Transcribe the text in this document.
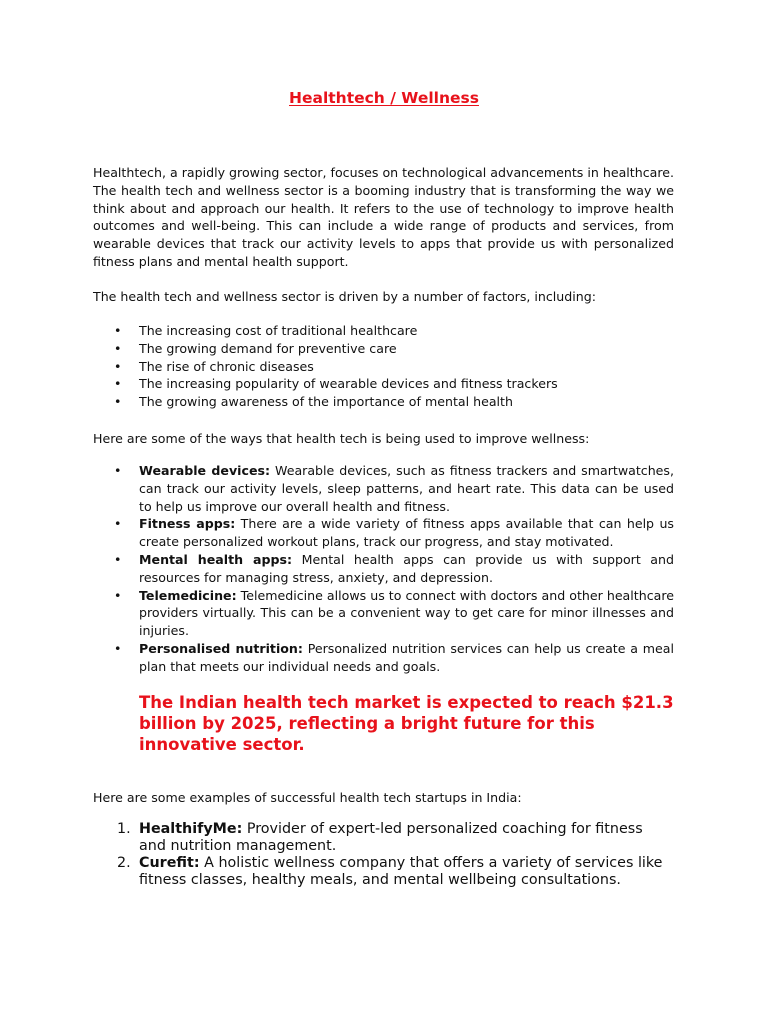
Healthtech / Wellness

Healthtech, a rapidly growing sector, focuses on technological advancements in healthcare. The health tech and wellness sector is a booming industry that is transforming the way we think about and approach our health. It refers to the use of technology to improve health outcomes and well-being. This can include a wide range of products and services, from wearable devices that track our activity levels to apps that provide us with personalized fitness plans and mental health support.

The health tech and wellness sector is driven by a number of factors, including:

• The increasing cost of traditional healthcare
• The growing demand for preventive care
• The rise of chronic diseases
• The increasing popularity of wearable devices and fitness trackers
• The growing awareness of the importance of mental health

Here are some of the ways that health tech is being used to improve wellness:

• Wearable devices: Wearable devices, such as fitness trackers and smartwatches, can track our activity levels, sleep patterns, and heart rate. This data can be used to help us improve our overall health and fitness.
• Fitness apps: There are a wide variety of fitness apps available that can help us create personalized workout plans, track our progress, and stay motivated.
• Mental health apps: Mental health apps can provide us with support and resources for managing stress, anxiety, and depression.
• Telemedicine: Telemedicine allows us to connect with doctors and other healthcare providers virtually. This can be a convenient way to get care for minor illnesses and injuries.
• Personalised nutrition: Personalized nutrition services can help us create a meal plan that meets our individual needs and goals.
The Indian health tech market is expected to reach $21.3 billion by 2025, reflecting a bright future for this innovative sector.

Here are some examples of successful health tech startups in India:

1. HealthifyMe: Provider of expert-led personalized coaching for fitness and nutrition management.
2. Curefit: A holistic wellness company that offers a variety of services like fitness classes, healthy meals, and mental wellbeing consultations.
